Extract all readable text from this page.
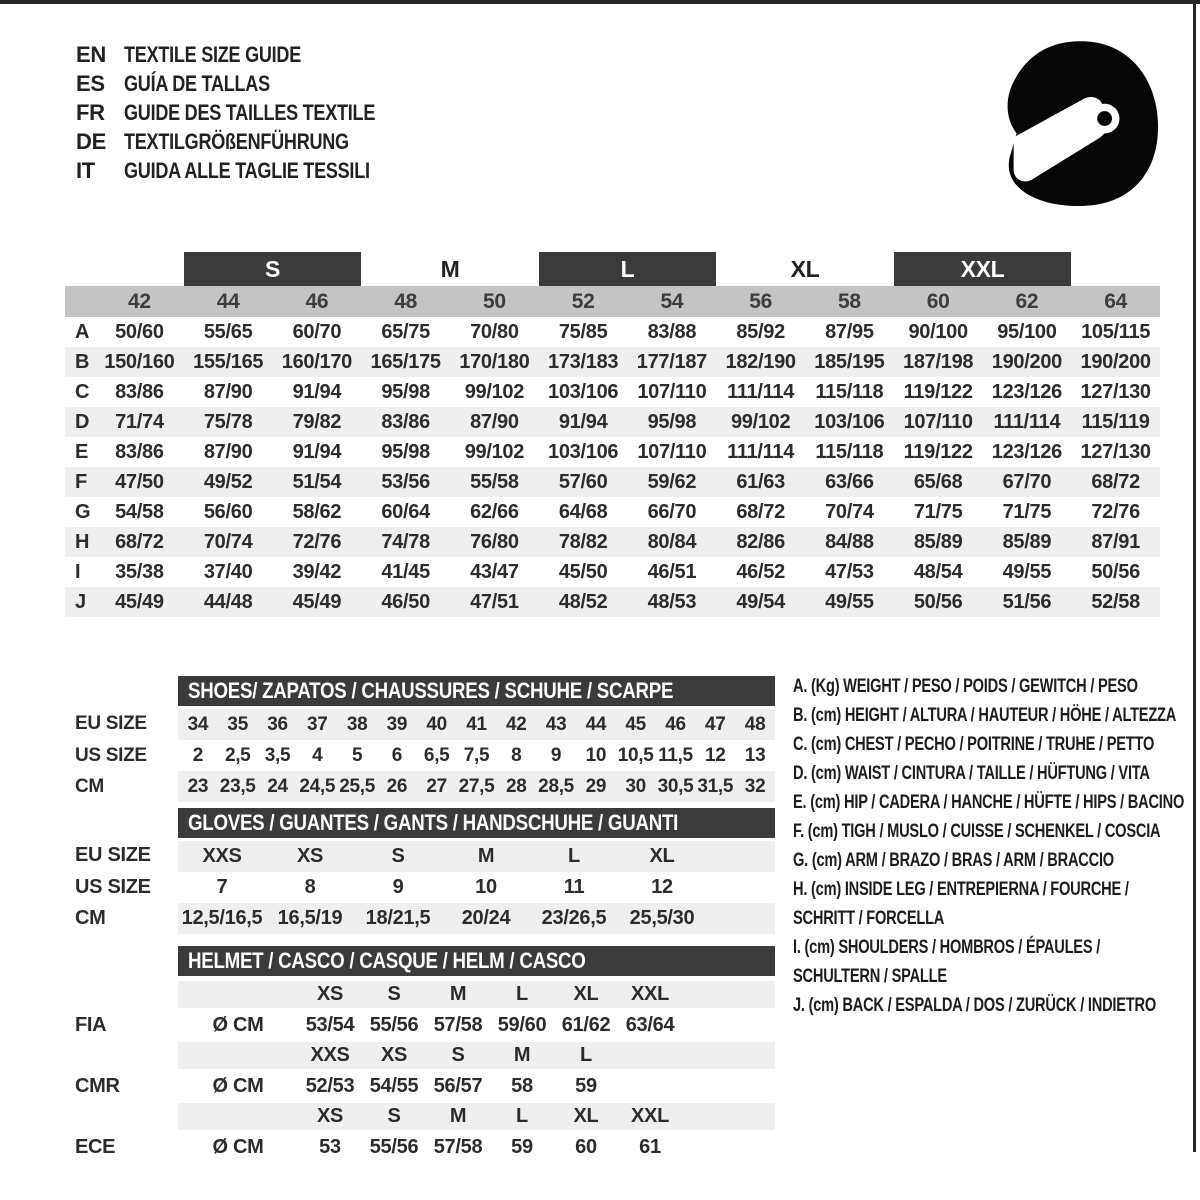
EN TEXTILE SIZE GUIDE
ES GUÍA DE TALLAS
FR GUIDE DES TAILLES TEXTILE
DE TEXTILGRÖßENFÜHRUNG
IT	GUIDA ALLE TAGLIE TESSILI

		S		M		L		XL		XXL		

	42	44	46	48	50	52	54	56	58	60	62	64
A	50/60	55/65	60/70	65/75	70/80	75/85	83/88	85/92	87/95	90/100	95/100	105/115
B	150/160	155/165	160/170	165/175	170/180	173/183	177/187	182/190	185/195	187/198	190/200	190/200
C	83/86	87/90	91/94	95/98	99/102	103/106	107/110	111/114	115/118	119/122	123/126	127/130
D	71/74	75/78	79/82	83/86	87/90	91/94	95/98	99/102	103/106	107/110	111/114	115/119
E	83/86	87/90	91/94	95/98	99/102	103/106	107/110	111/114	115/118	119/122	123/126	127/130
F	47/50	49/52	51/54	53/56	55/58	57/60	59/62	61/63	63/66	65/68	67/70	68/72
G	54/58	56/60	58/62	60/64	62/66	64/68	66/70	68/72	70/74	71/75	71/75	72/76
H	68/72	70/74	72/76	74/78	76/80	78/82	80/84	82/86	84/88	85/89	85/89	87/91
I	35/38	37/40	39/42	41/45	43/47	45/50	46/51	46/52	47/53	48/54	49/55	50/56
J	45/49	44/48	45/49	46/50	47/51	48/52	48/53	49/54	49/55	50/56	51/56	52/58
	SHOES/ ZAPATOS / CHAUSSURES / SCHUHE / SCARPE														
EU SIZE	34	35	36	37	38	39	40	41	42	43	44	45	46	47	48
US SIZE	2	2,5	3,5	4	5	6	6,5	7,5	8	9	10	10,5	11,5	12	13
CM	23	23,5	24	24,5	25,5	26	27	27,5	28	28,5	29	30	30,5	31,5	32
	GLOVES / GUANTES / GANTS / HANDSCHUHE / GUANTI						
EU SIZE	XXS	XS	S	M	L	XL	
US SIZE	7	8	9	10	11	12	
CM	12,5/16,5	16,5/19	18/21,5	20/24	23/26,5	25,5/30	
	HELMET / CASCO / CASQUE / HELM / CASCO							
		XS	S	M	L	XL	XXL	
FIA	Ø CM	53/54	55/56	57/58	59/60	61/62	63/64	
		XXS	XS	S	M	L		
CMR	Ø CM	52/53	54/55	56/57	58	59		
		XS	S	M	L	XL	XXL	
ECE	Ø CM	53	55/56	57/58	59	60	61	
A. (Kg) WEIGHT / PESO / POIDS / GEWITCH / PESO
B. (cm) HEIGHT / ALTURA / HAUTEUR / HÖHE / ALTEZZA
C. (cm) CHEST / PECHO / POITRINE / TRUHE / PETTO
D. (cm) WAIST / CINTURA / TAILLE / HÜFTUNG / VITA
E. (cm) HIP / CADERA / HANCHE / HÜFTE / HIPS / BACINO
F. (cm) TIGH / MUSLO / CUISSE / SCHENKEL / COSCIA
G. (cm) ARM / BRAZO / BRAS / ARM / BRACCIO
H. (cm) INSIDE LEG / ENTREPIERNA / FOURCHE /
SCHRITT / FORCELLA
I. (cm) SHOULDERS / HOMBROS / ÉPAULES /
SCHULTERN / SPALLE
J. (cm) BACK / ESPALDA / DOS / ZURÜCK / INDIETRO
